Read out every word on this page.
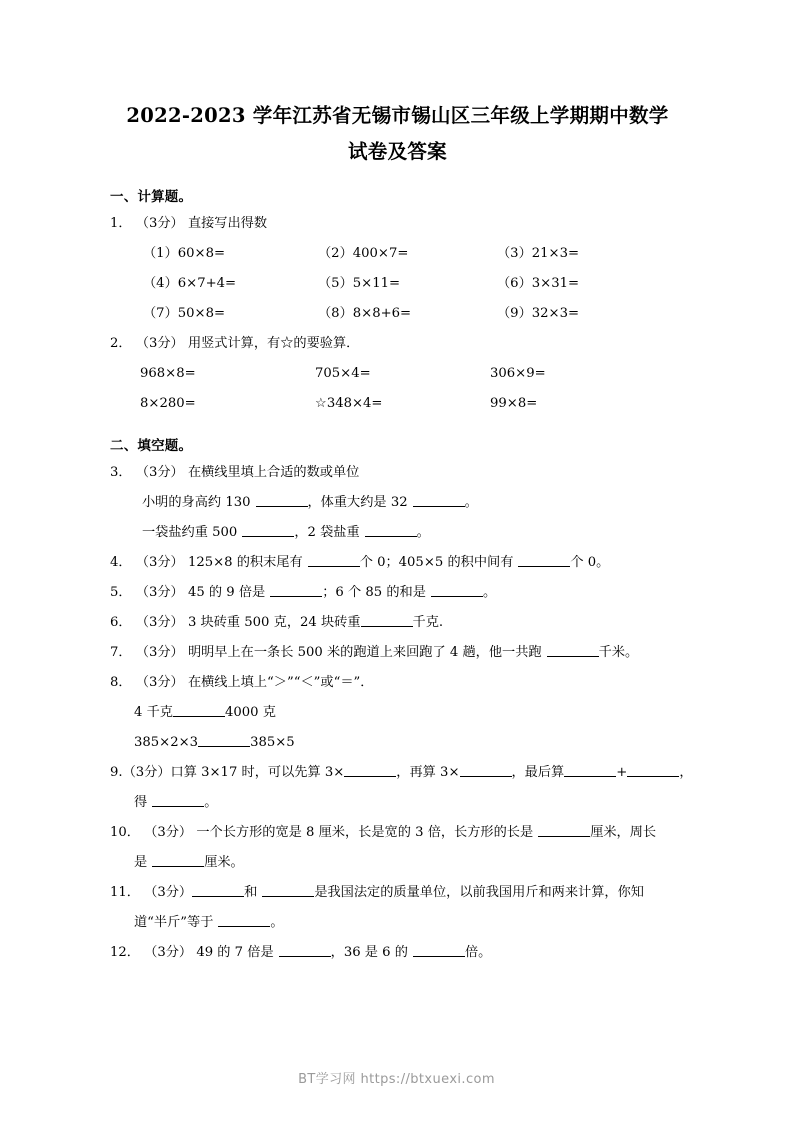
2022-2023 学年江苏省无锡市锡山区三年级上学期期中数学
试卷及答案
一、计算题。
1． （3分） 直接写出得数
（1）60×8=	（2）400×7=	（3）21×3=
（4）6×7+4=	（5）5×11=	（6）3×31=
（7）50×8=	（8）8×8+6=	（9）32×3=
2． （3分） 用竖式计算，有☆的要验算．
968×8=	705×4=	306×9=
8×280=	☆348×4=	99×8=
二、填空题。
3． （3分） 在横线里填上合适的数或单位
小明的身高约 130	，体重大约是 32	。
一袋盐约重 500	，2 袋盐重	。
4． （3分） 125×8 的积末尾有	个 0；405×5 的积中间有	个 0。
5． （3分） 45 的 9 倍是	；6 个 85 的和是	。
6． （3分） 3 块砖重 500 克，24 块砖重	千克.
7． （3分） 明明早上在一条长 500 米的跑道上来回跑了 4 趟，他一共跑	千米。
8． （3分） 在横线上填上“＞”“＜”或“＝”．
4 千克	4000 克
385×2×3	385×5
9.（3分）口算 3×17 时，可以先算 3×	，再算 3×	，最后算	+	，
得	。
10． （3分） 一个长方形的宽是 8 厘米，长是宽的 3 倍，长方形的长是	厘米，周长
是	厘米。
11． （3分）	和	是我国法定的质量单位，以前我国用斤和两来计算，你知
道“半斤”等于	。
12． （3分） 49 的 7 倍是	，36 是 6 的	倍。
BT学习网 https://btxuexi.com
